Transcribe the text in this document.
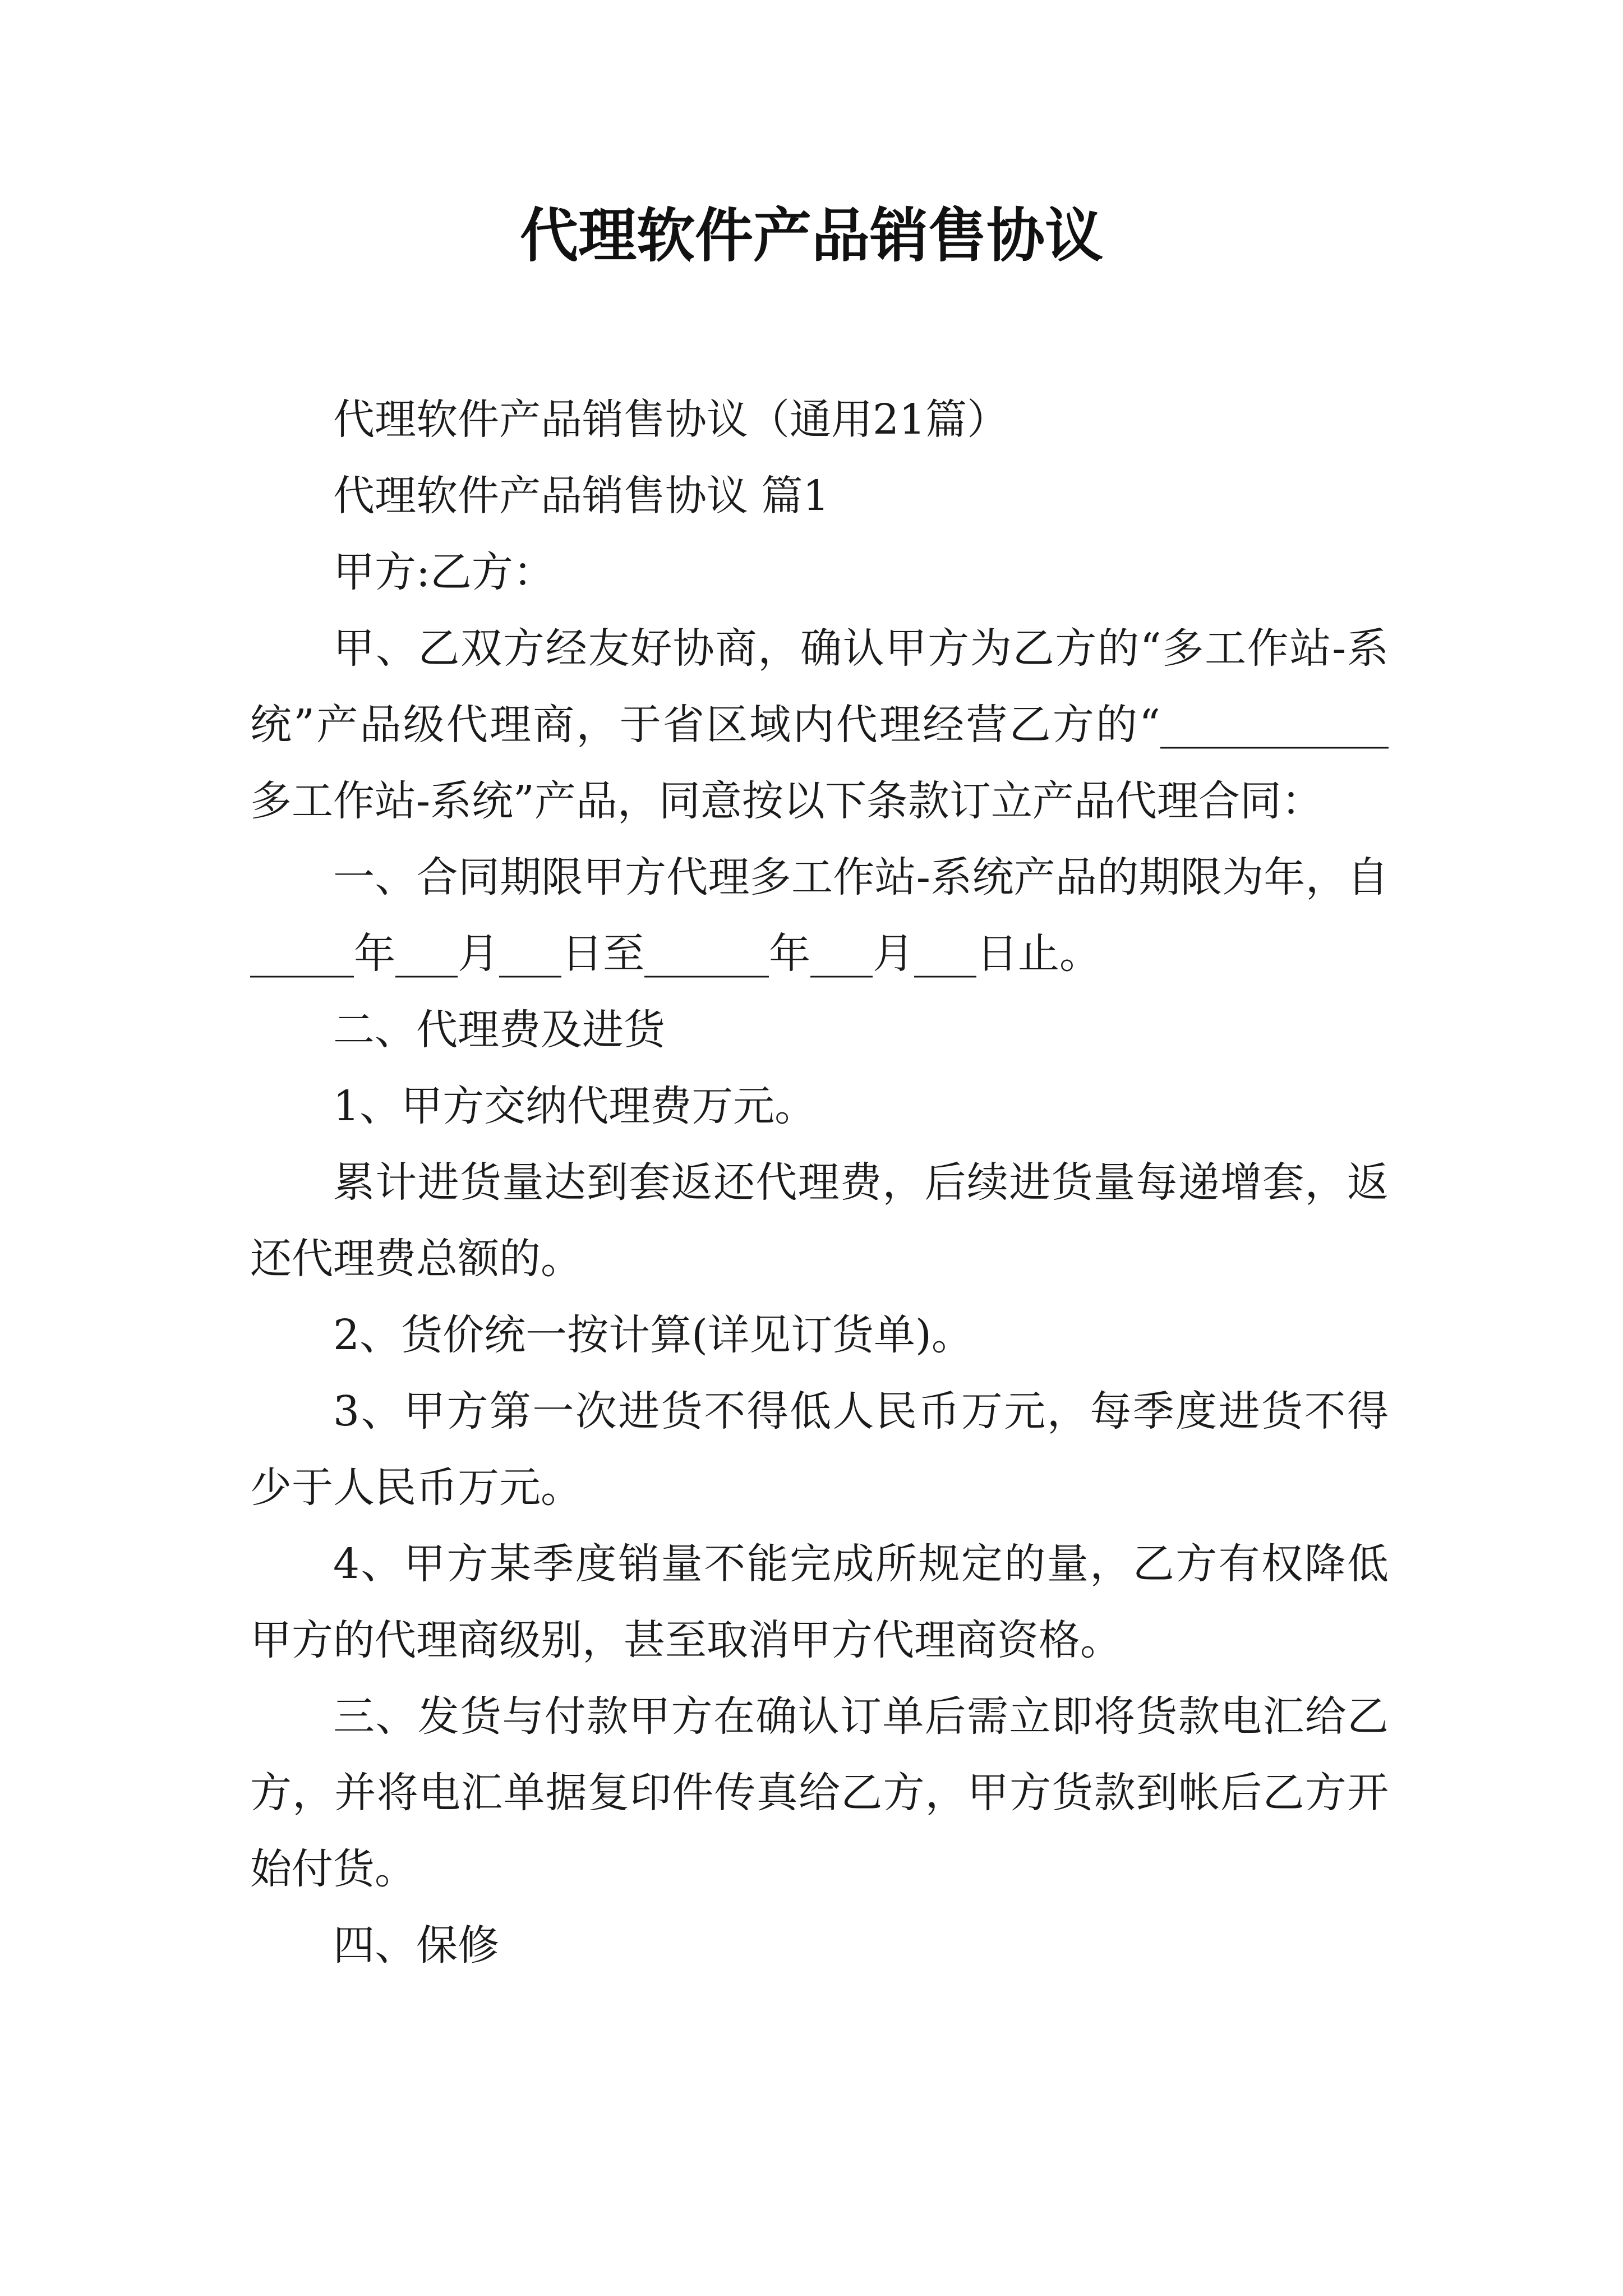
代理软件产品销售协议

代理软件产品销售协议（通用21篇）

代理软件产品销售协议 篇1

甲方:乙方：

甲、乙双方经友好协商，确认甲方为乙方的“多工作站-系统”产品级代理商，于省区域内代理经营乙方的“___________多工作站-系统”产品，同意按以下条款订立产品代理合同：

一、合同期限甲方代理多工作站-系统产品的期限为年，自_____年___月___日至______年___月___日止。

二、代理费及进货

1、甲方交纳代理费万元。

累计进货量达到套返还代理费，后续进货量每递增套，返还代理费总额的。

2、货价统一按计算(详见订货单)。

3、甲方第一次进货不得低人民币万元，每季度进货不得少于人民币万元。

4、甲方某季度销量不能完成所规定的量，乙方有权降低甲方的代理商级别，甚至取消甲方代理商资格。

三、发货与付款甲方在确认订单后需立即将货款电汇给乙方，并将电汇单据复印件传真给乙方，甲方货款到帐后乙方开始付货。

四、保修
